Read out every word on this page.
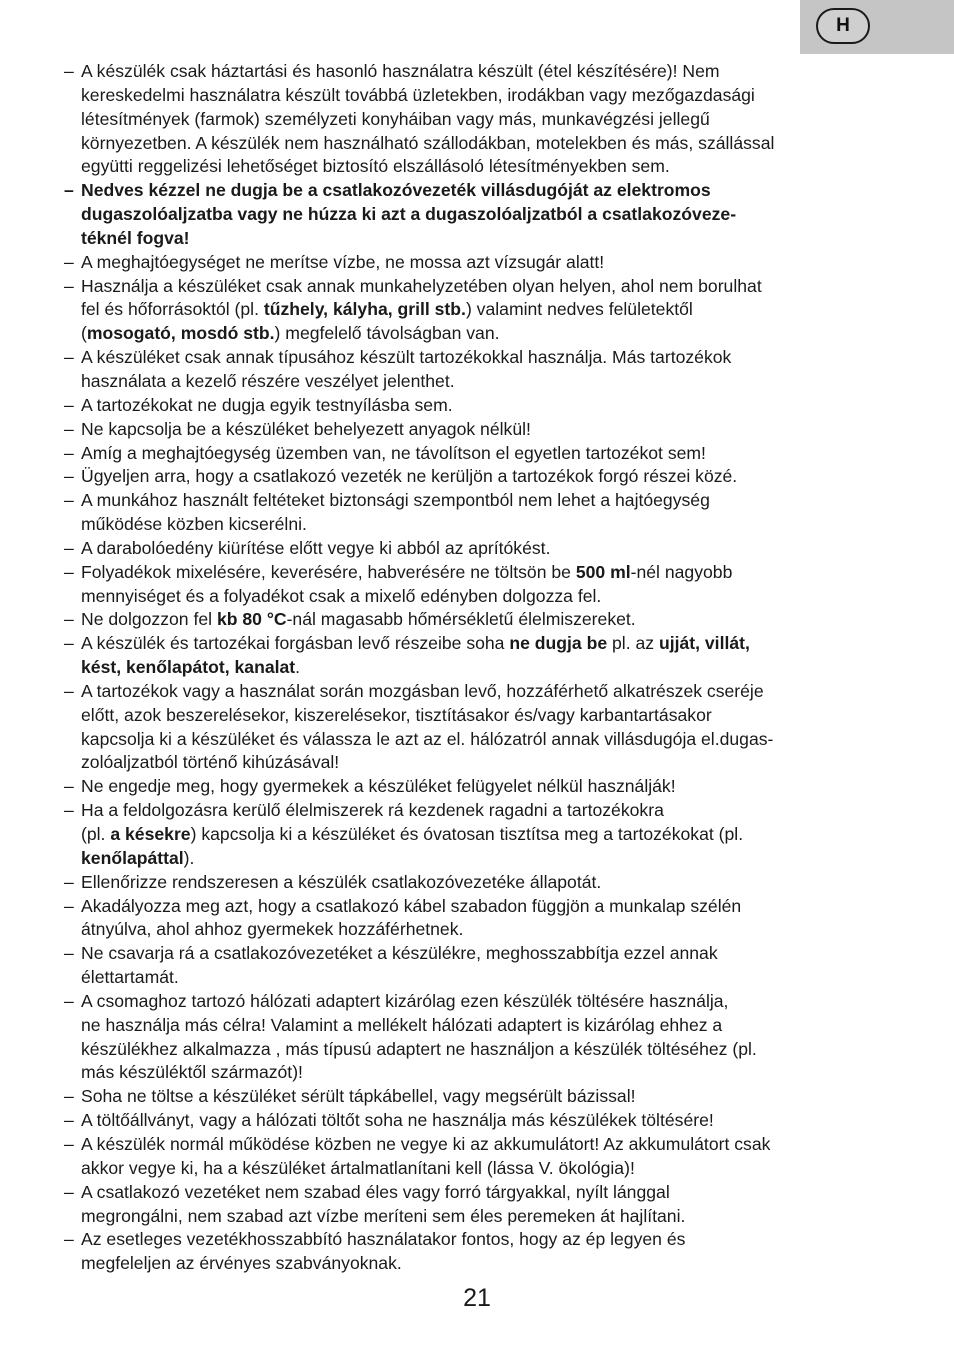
H
– A készülék csak háztartási és hasonló használatra készült (étel készítésére)! Nem
kereskedelmi használatra készült továbbá üzletekben, irodákban vagy mezőgazdasági
létesítmények (farmok) személyzeti konyháiban vagy más, munkavégzési jellegű
környezetben. A készülék nem használható szállodákban, motelekben és más, szállással
együtti reggelizési lehetőséget biztosító elszállásoló létesítményekben sem.
– Nedves kézzel ne dugja be a csatlakozóvezeték villásdugóját az elektromos
dugaszolóaljzatba vagy ne húzza ki azt a dugaszolóaljzatból a csatlakozóveze-
téknél fogva!
– A meghajtóegységet ne merítse vízbe, ne mossa azt vízsugár alatt!
– Használja a készüléket csak annak munkahelyzetében olyan helyen, ahol nem borulhat
fel és hőforrásoktól (pl. tűzhely, kályha, grill stb.) valamint nedves felületektől
(mosogató, mosdó stb.) megfelelő távolságban van.
– A készüléket csak annak típusához készült tartozékokkal használja. Más tartozékok
használata a kezelő részére veszélyet jelenthet.
– A tartozékokat ne dugja egyik testnyílásba sem.
– Ne kapcsolja be a készüléket behelyezett anyagok nélkül!
– Amíg a meghajtóegység üzemben van, ne távolítson el egyetlen tartozékot sem!
– Ügyeljen arra, hogy a csatlakozó vezeték ne kerüljön a tartozékok forgó részei közé.
– A munkához használt feltéteket biztonsági szempontból nem lehet a hajtóegység
működése közben kicserélni.
– A darabolóedény kiürítése előtt vegye ki abból az aprítókést.
– Folyadékok mixelésére, keverésére, habverésére ne töltsön be 500 ml-nél nagyobb
mennyiséget és a folyadékot csak a mixelő edényben dolgozza fel.
– Ne dolgozzon fel kb 80 °C-nál magasabb hőmérsékletű élelmiszereket.
– A készülék és tartozékai forgásban levő részeibe soha ne dugja be pl. az ujját, villát,
kést, kenőlapátot, kanalat.
– A tartozékok vagy a használat során mozgásban levő, hozzáférhető alkatrészek cseréje
előtt, azok beszerelésekor, kiszerelésekor, tisztításakor és/vagy karbantartásakor
kapcsolja ki a készüléket és válassza le azt az el. hálózatról annak villásdugója el.dugas-
zolóaljzatból történő kihúzásával!
– Ne engedje meg, hogy gyermekek a készüléket felügyelet nélkül használják!
– Ha a feldolgozásra kerülő élelmiszerek rá kezdenek ragadni a tartozékokra
(pl. a késekre) kapcsolja ki a készüléket és óvatosan tisztítsa meg a tartozékokat (pl.
kenőlapáttal).
– Ellenőrizze rendszeresen a készülék csatlakozóvezetéke állapotát.
– Akadályozza meg azt, hogy a csatlakozó kábel szabadon függjön a munkalap szélén
átnyúlva, ahol ahhoz gyermekek hozzáférhetnek.
– Ne csavarja rá a csatlakozóvezetéket a készülékre, meghosszabbítja ezzel annak
élettartamát.
– A csomaghoz tartozó hálózati adaptert kizárólag ezen készülék töltésére használja,
ne használja más célra! Valamint a mellékelt hálózati adaptert is kizárólag ehhez a
készülékhez alkalmazza , más típusú adaptert ne használjon a készülék töltéséhez (pl.
más készüléktől származót)!
– Soha ne töltse a készüléket sérült tápkábellel, vagy megsérült bázissal!
– A töltőállványt, vagy a hálózati töltőt soha ne használja más készülékek töltésére!
– A készülék normál működése közben ne vegye ki az akkumulátort! Az akkumulátort csak
akkor vegye ki, ha a készüléket ártalmatlanítani kell (lássa V. ökológia)!
– A csatlakozó vezetéket nem szabad éles vagy forró tárgyakkal, nyílt lánggal
megrongálni, nem szabad azt vízbe meríteni sem éles peremeken át hajlítani.
– Az esetleges vezetékhosszabbító használatakor fontos, hogy az ép legyen és
megfeleljen az érvényes szabványoknak.
21
